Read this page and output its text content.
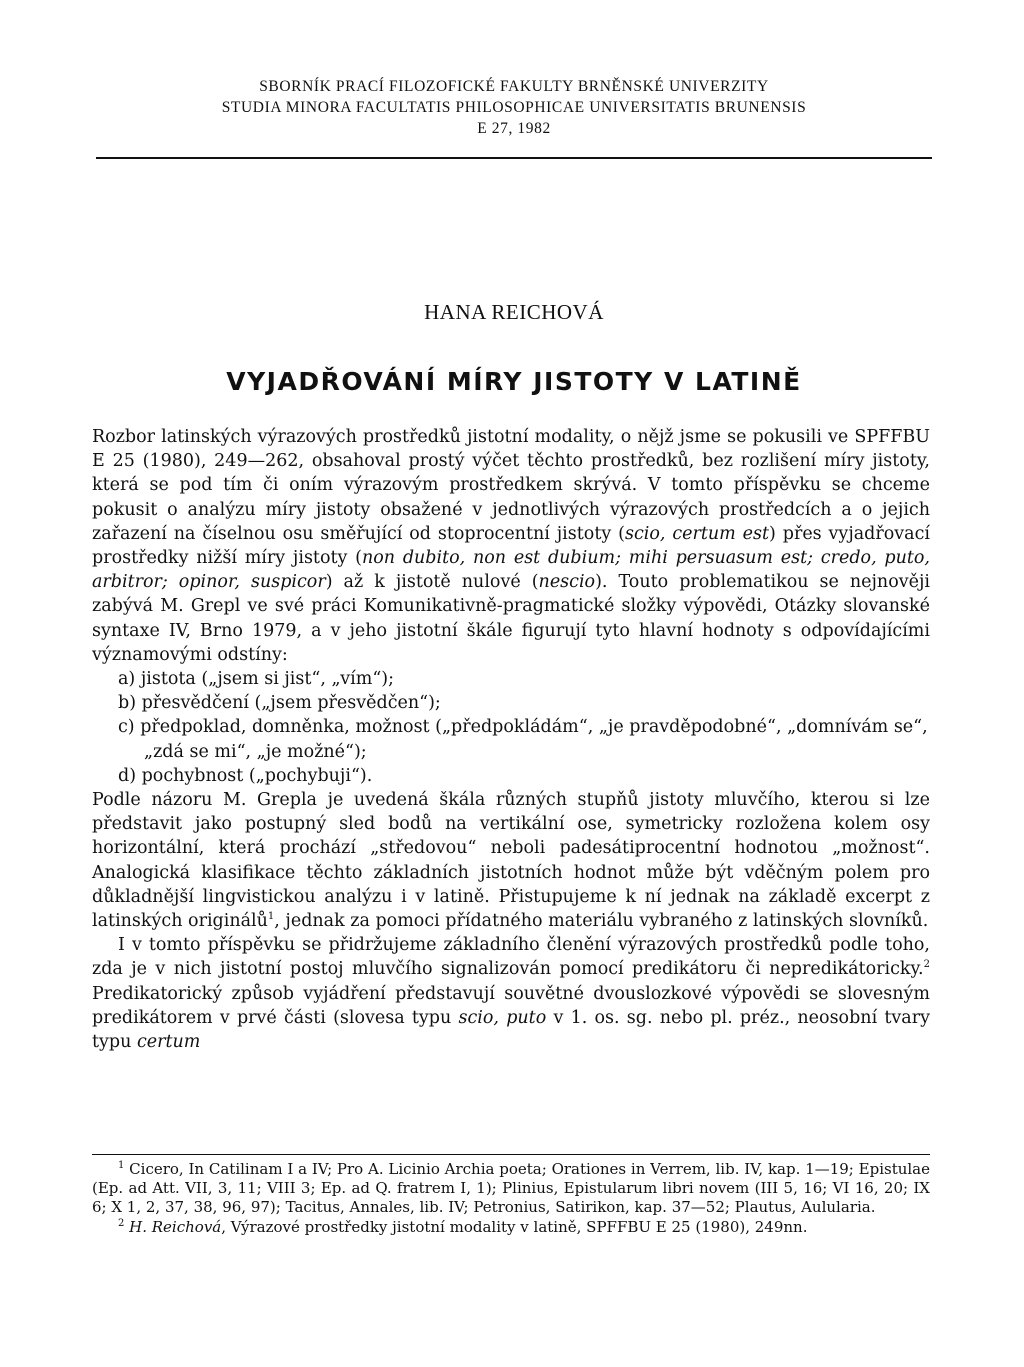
SBORNÍK PRACÍ FILOZOFICKÉ FAKULTY BRNĚNSKÉ UNIVERZITY
STUDIA MINORA FACULTATIS PHILOSOPHICAE UNIVERSITATIS BRUNENSIS
E 27, 1982
HANA REICHOVÁ
VYJADŘOVÁNÍ MÍRY JISTOTY V LATINĚ

Rozbor latinských výrazových prostředků jistotní modality, o nějž jsme se pokusili ve SPFFBU E 25 (1980), 249—262, obsahoval prostý výčet těchto prostředků, bez rozlišení míry jistoty, která se pod tím či oním výrazovým prostředkem skrývá. V tomto příspěvku se chceme pokusit o analýzu míry jistoty obsažené v jednotlivých výrazových prostředcích a o jejich zařazení na číselnou osu směřující od stoprocentní jistoty (scio, certum est) přes vyjadřovací prostředky nižší míry jistoty (non dubito, non est dubium; mihi persuasum est; credo, puto, arbitror; opinor, suspicor) až k jistotě nulové (nescio). Touto problematikou se nejnověji zabývá M. Grepl ve své práci Komunikativně-pragmatické složky výpovědi, Otázky slovanské syntaxe IV, Brno 1979, a v jeho jistotní škále figurují tyto hlavní hodnoty s odpovídajícími významovými odstíny:

a) jistota („jsem si jist“, „vím“);
b) přesvědčení („jsem přesvědčen“);
c) předpoklad, domněnka, možnost („předpokládám“, „je pravděpodobné“, „domnívám se“, „zdá se mi“, „je možné“);
d) pochybnost („pochybuji“).

Podle názoru M. Grepla je uvedená škála různých stupňů jistoty mluvčího, kterou si lze představit jako postupný sled bodů na vertikální ose, symetricky rozložena kolem osy horizontální, která prochází „středovou“ neboli padesátiprocentní hodnotou „možnost“. Analogická klasifikace těchto základních jistotních hodnot může být vděčným polem pro důkladnější lingvistickou analýzu i v latině. Přistupujeme k ní jednak na základě excerpt z latinských originálů$^1$, jednak za pomoci přídatného materiálu vybraného z latinských slovníků.

I v tomto příspěvku se přidržujeme základního členění výrazových prostředků podle toho, zda je v nich jistotní postoj mluvčího signalizován pomocí predikátoru či nepredikátoricky.$^2$ Predikatorický způsob vyjádření představují souvětné dvouslozkové výpovědi se slovesným predikátorem v prvé části (slovesa typu scio, puto v 1. os. sg. nebo pl. préz., neosobní tvary typu certum

$^1$ Cicero, In Catilinam I a IV; Pro A. Licinio Archia poeta; Orationes in Verrem, lib. IV, kap. 1—19; Epistulae (Ep. ad Att. VII, 3, 11; VIII 3; Ep. ad Q. fratrem I, 1); Plinius, Epistularum libri novem (III 5, 16; VI 16, 20; IX 6; X 1, 2, 37, 38, 96, 97); Tacitus, Annales, lib. IV; Petronius, Satirikon, kap. 37—52; Plautus, Aulularia.

$^2$ H. Reichová, Výrazové prostředky jistotní modality v latině, SPFFBU E 25 (1980), 249nn.
